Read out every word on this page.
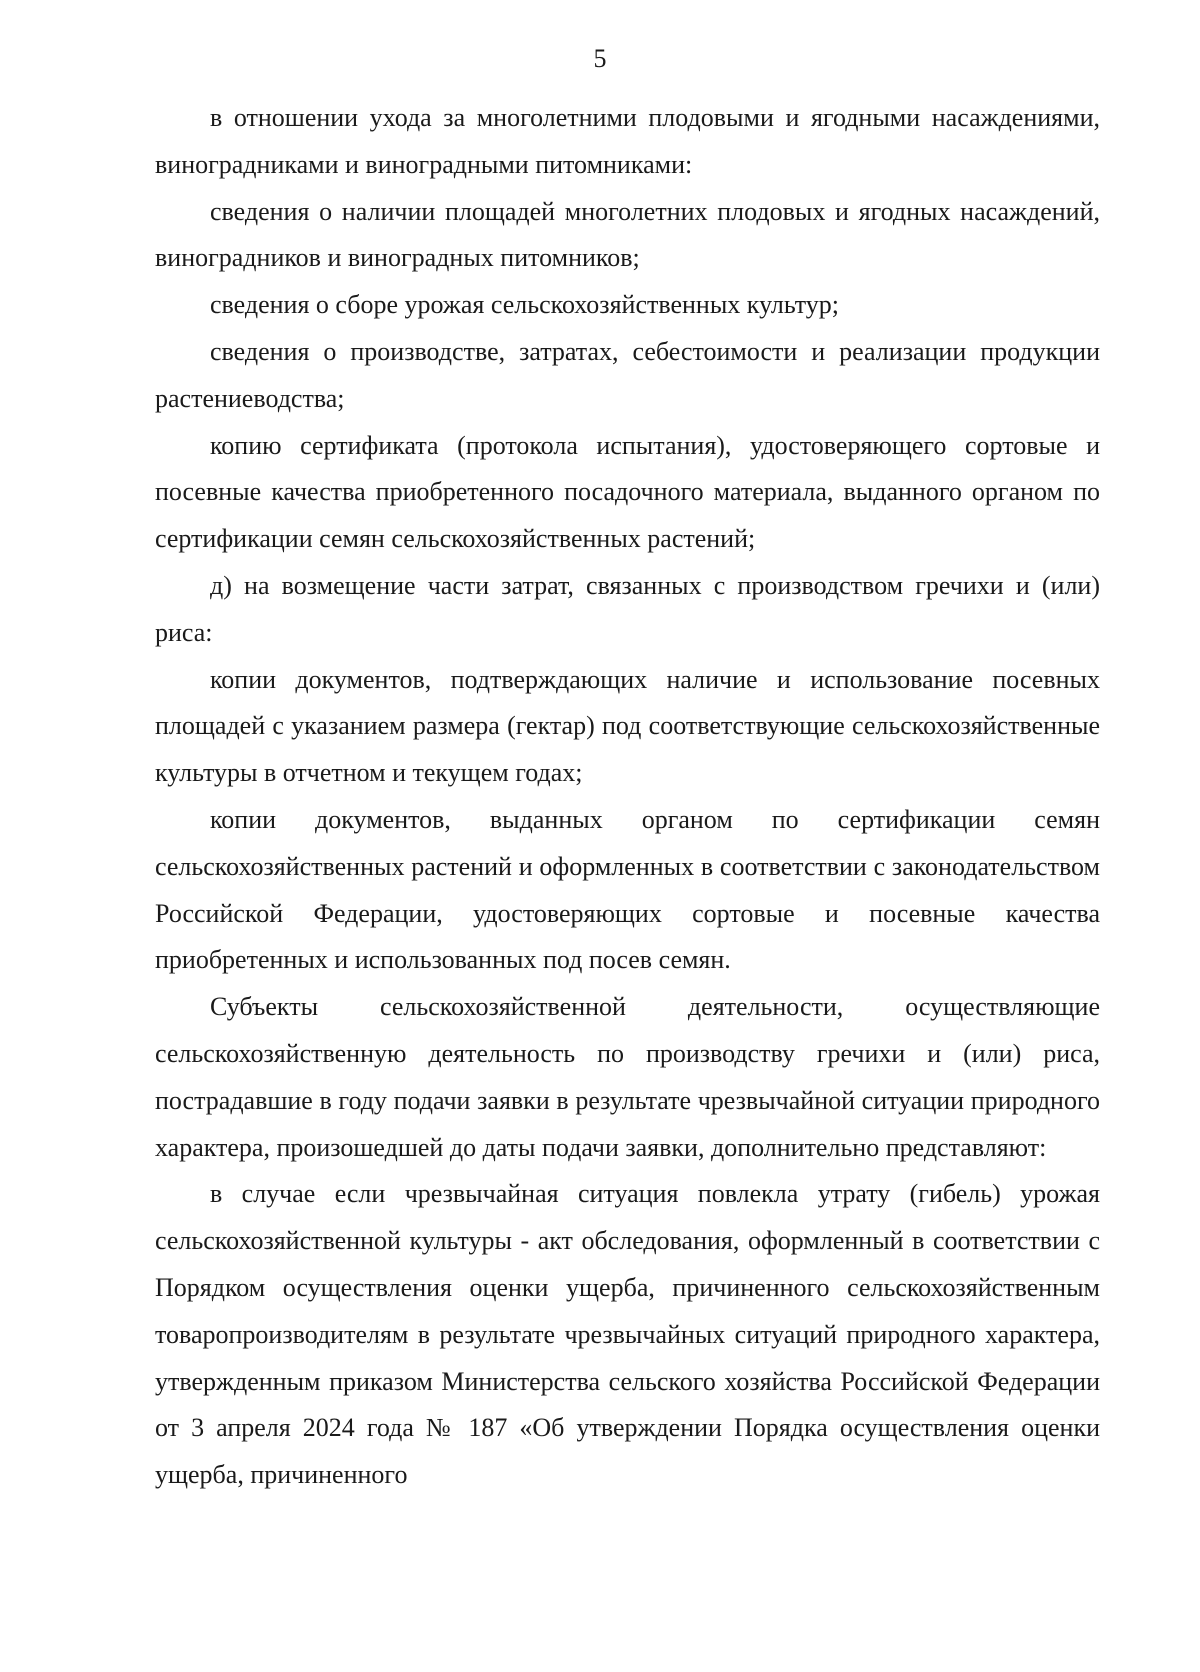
5

в отношении ухода за многолетними плодовыми и ягодными насаждениями, виноградниками и виноградными питомниками:

сведения о наличии площадей многолетних плодовых и ягодных насаждений, виноградников и виноградных питомников;

сведения о сборе урожая сельскохозяйственных культур;

сведения о производстве, затратах, себестоимости и реализации продукции растениеводства;

копию сертификата (протокола испытания), удостоверяющего сортовые и посевные качества приобретенного посадочного материала, выданного органом по сертификации семян сельскохозяйственных растений;

д) на возмещение части затрат, связанных с производством гречихи и (или) риса:

копии документов, подтверждающих наличие и использование посевных площадей с указанием размера (гектар) под соответствующие сельскохозяйственные культуры в отчетном и текущем годах;

копии документов, выданных органом по сертификации семян сельскохозяйственных растений и оформленных в соответствии с законодательством Российской Федерации, удостоверяющих сортовые и посевные качества приобретенных и использованных под посев семян.

Субъекты сельскохозяйственной деятельности, осуществляющие сельскохозяйственную деятельность по производству гречихи и (или) риса, пострадавшие в году подачи заявки в результате чрезвычайной ситуации природного характера, произошедшей до даты подачи заявки, дополнительно представляют:

в случае если чрезвычайная ситуация повлекла утрату (гибель) урожая сельскохозяйственной культуры - акт обследования, оформленный в соответствии с Порядком осуществления оценки ущерба, причиненного сельскохозяйственным товаропроизводителям в результате чрезвычайных ситуаций природного характера, утвержденным приказом Министерства сельского хозяйства Российской Федерации от 3 апреля 2024 года № 187 «Об утверждении Порядка осуществления оценки ущерба, причиненного
